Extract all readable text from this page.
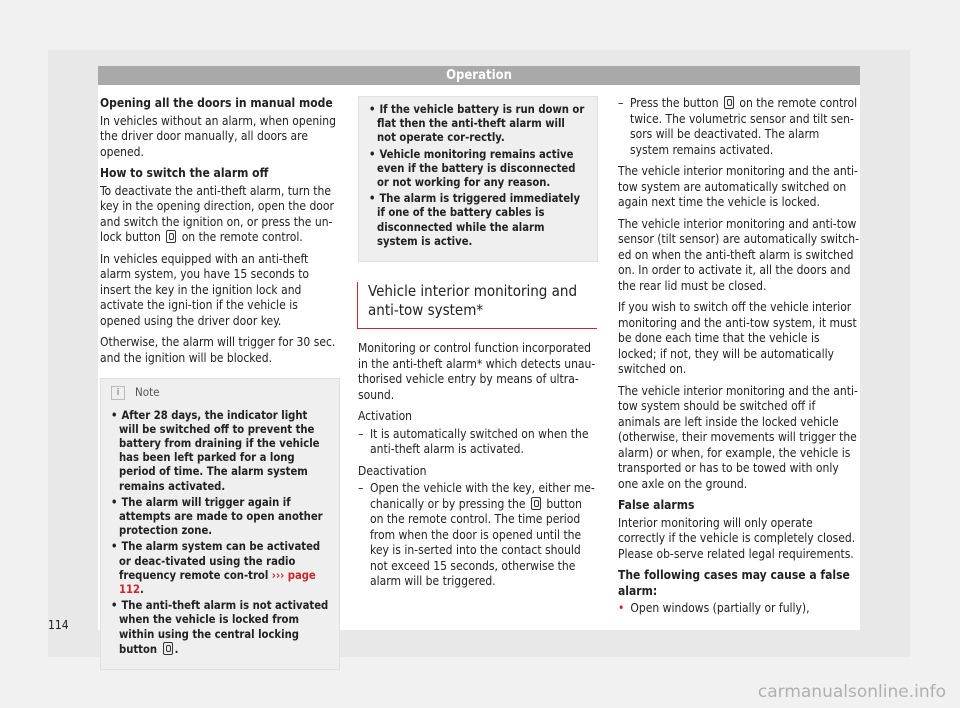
Operation

Opening all the doors in manual mode

In vehicles without an alarm, when opening the driver door manually, all doors are opened.

How to switch the alarm off

To deactivate the anti-theft alarm, turn the key in the opening direction, open the door and switch the ignition on, or press the un-lock button on the remote control.

In vehicles equipped with an anti-theft alarm system, you have 15 seconds to insert the key in the ignition lock and activate the igni-tion if the vehicle is opened using the driver door key.

Otherwise, the alarm will trigger for 30 sec. and the ignition will be blocked.

i	Note
• After 28 days, the indicator light will be switched off to prevent the battery from draining if the vehicle has been left parked for a long period of time. The alarm system remains activated.
• The alarm will trigger again if attempts are made to open another protection zone.
• The alarm system can be activated or deac-tivated using the radio frequency remote con-trol ››› page 112.
• The anti-theft alarm is not activated when the vehicle is locked from within using the central locking button .
• If the vehicle battery is run down or flat then the anti-theft alarm will not operate cor-rectly.
• Vehicle monitoring remains active even if the battery is disconnected or not working for any reason.
• The alarm is triggered immediately if one of the battery cables is disconnected while the alarm system is active.
Vehicle interior monitoring and anti-tow system*

Monitoring or control function incorporated in the anti-theft alarm* which detects unau-thorised vehicle entry by means of ultra-sound.

Activation

– It is automatically switched on when the anti-theft alarm is activated.

Deactivation

– Open the vehicle with the key, either me-chanically or by pressing the button on the remote control. The time period from when the door is opened until the key is in-serted into the contact should not exceed 15 seconds, otherwise the alarm will be triggered.
– Press the button on the remote control twice. The volumetric sensor and tilt sen-sors will be deactivated. The alarm system remains activated.

The vehicle interior monitoring and the anti-tow system are automatically switched on again next time the vehicle is locked.

The vehicle interior monitoring and anti-tow sensor (tilt sensor) are automatically switch-ed on when the anti-theft alarm is switched on. In order to activate it, all the doors and the rear lid must be closed.

If you wish to switch off the vehicle interior monitoring and the anti-tow system, it must be done each time that the vehicle is locked; if not, they will be automatically switched on.

The vehicle interior monitoring and the anti-tow system should be switched off if animals are left inside the locked vehicle (otherwise, their movements will trigger the alarm) or when, for example, the vehicle is transported or has to be towed with only one axle on the ground.

False alarms

Interior monitoring will only operate correctly if the vehicle is completely closed. Please ob-serve related legal requirements.

The following cases may cause a false alarm:

• Open windows (partially or fully),
114
carmanualsonline.info
